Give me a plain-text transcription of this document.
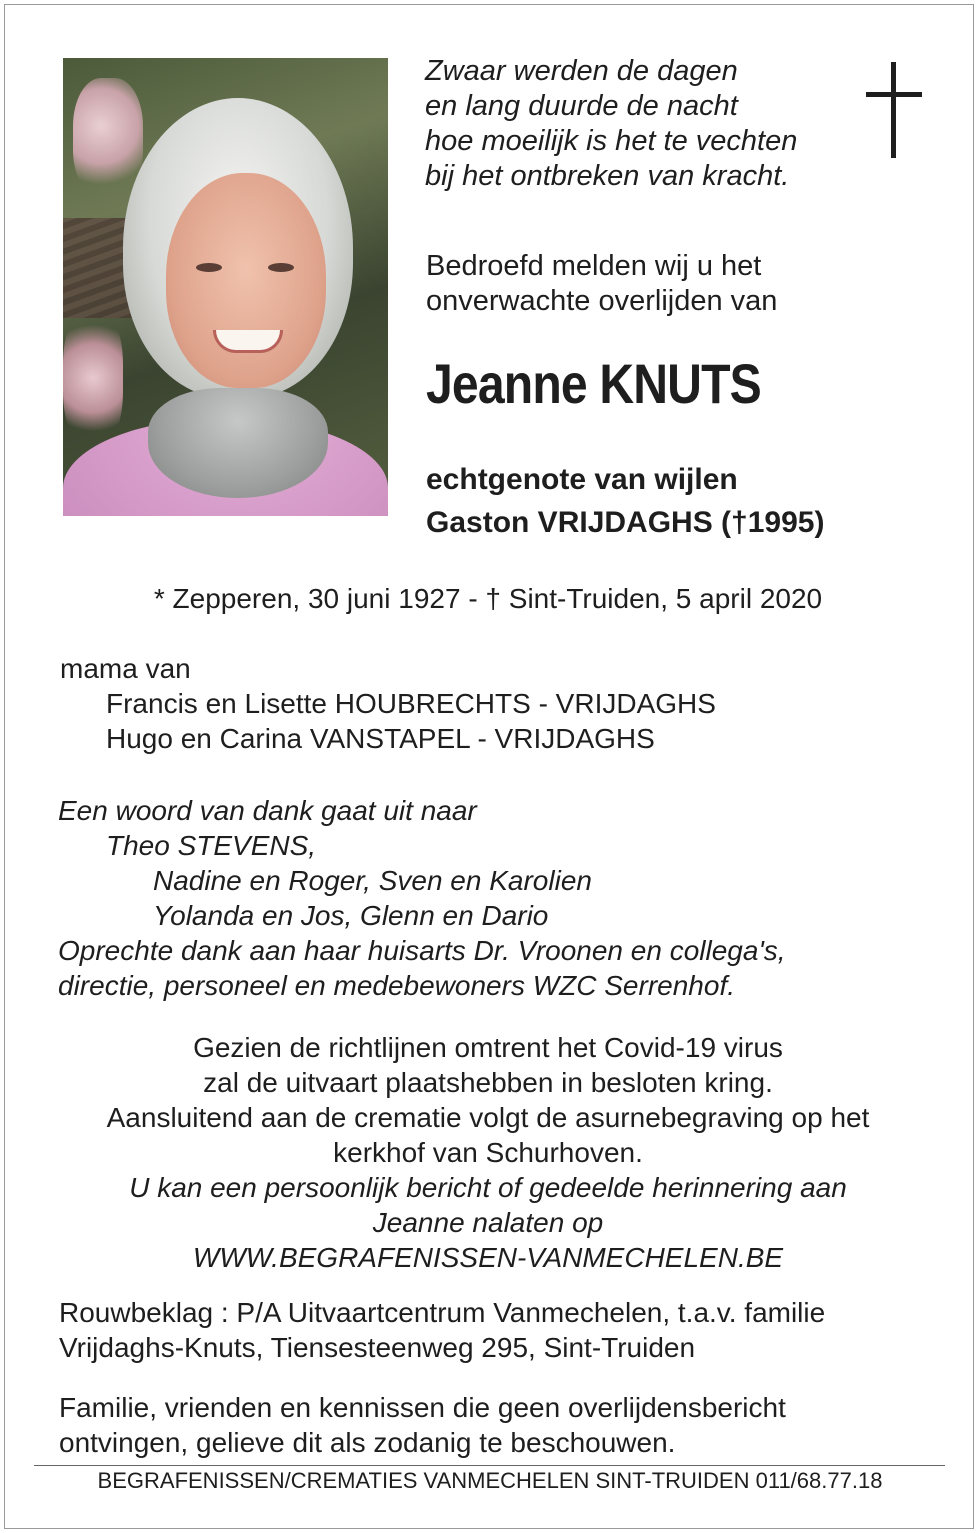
Zwaar werden de dagen
en lang duurde de nacht
hoe moeilijk is het te vechten
bij het ontbreken van kracht.
Bedroefd melden wij u het
onverwachte overlijden van
Jeanne KNUTS
echtgenote van wijlen
Gaston VRIJDAGHS (†1995)
* Zepperen, 30 juni 1927 - † Sint-Truiden, 5 april 2020
mama van
Francis en Lisette HOUBRECHTS - VRIJDAGHS
Hugo en Carina VANSTAPEL - VRIJDAGHS
Een woord van dank gaat uit naar
Theo STEVENS,
Nadine en Roger, Sven en Karolien
Yolanda en Jos, Glenn en Dario
Oprechte dank aan haar huisarts Dr. Vroonen en collega's,
directie, personeel en medebewoners WZC Serrenhof.
Gezien de richtlijnen omtrent het Covid-19 virus
zal de uitvaart plaatshebben in besloten kring.
Aansluitend aan de crematie volgt de asurnebegraving op het
kerkhof van Schurhoven.
U kan een persoonlijk bericht of gedeelde herinnering aan
Jeanne nalaten op
WWW.BEGRAFENISSEN-VANMECHELEN.BE
Rouwbeklag : P/A Uitvaartcentrum Vanmechelen, t.a.v. familie
Vrijdaghs-Knuts, Tiensesteenweg 295, Sint-Truiden
Familie, vrienden en kennissen die geen overlijdensbericht
ontvingen, gelieve dit als zodanig te beschouwen.
BEGRAFENISSEN/CREMATIES VANMECHELEN SINT-TRUIDEN 011/68.77.18
